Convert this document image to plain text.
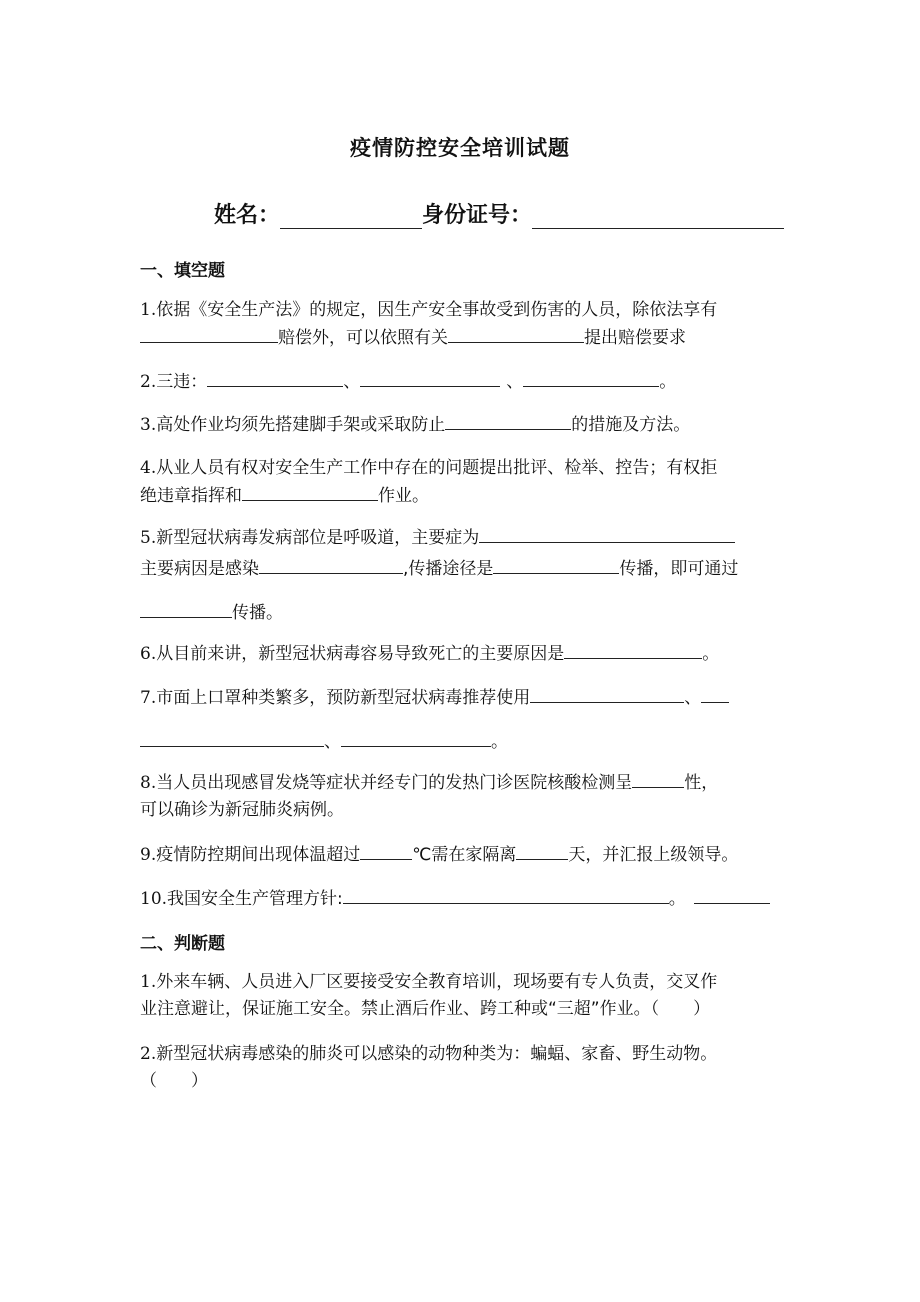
疫情防控安全培训试题
姓名：	身份证号：
一、填空题
1.依据《安全生产法》的规定，因生产安全事故受到伤害的人员，除依法享有
赔偿外，可以依照有关	提出赔偿要求
2.三违：	、	、	。
3.高处作业均须先搭建脚手架或采取防止	的措施及方法。
4.从业人员有权对安全生产工作中存在的问题提出批评、检举、控告；有权拒
绝违章指挥和	作业。
5.新型冠状病毒发病部位是呼吸道，主要症为
主要病因是感染	,传播途径是	传播，即可通过
传播。
6.从目前来讲，新型冠状病毒容易导致死亡的主要原因是	。
7.市面上口罩种类繁多，预防新型冠状病毒推荐使用	、
、	。
8.当人员出现感冒发烧等症状并经专门的发热门诊医院核酸检测呈	性，
可以确诊为新冠肺炎病例。
9.疫情防控期间出现体温超过	℃需在家隔离	天，并汇报上级领导。
10.我国安全生产管理方针:	。
二、判断题
1.外来车辆、人员进入厂区要接受安全教育培训，现场要有专人负责，交叉作
业注意避让，保证施工安全。禁止酒后作业、跨工种或“三超”作业。（　　）
2.新型冠状病毒感染的肺炎可以感染的动物种类为：蝙蝠、家畜、野生动物。
（　　）
